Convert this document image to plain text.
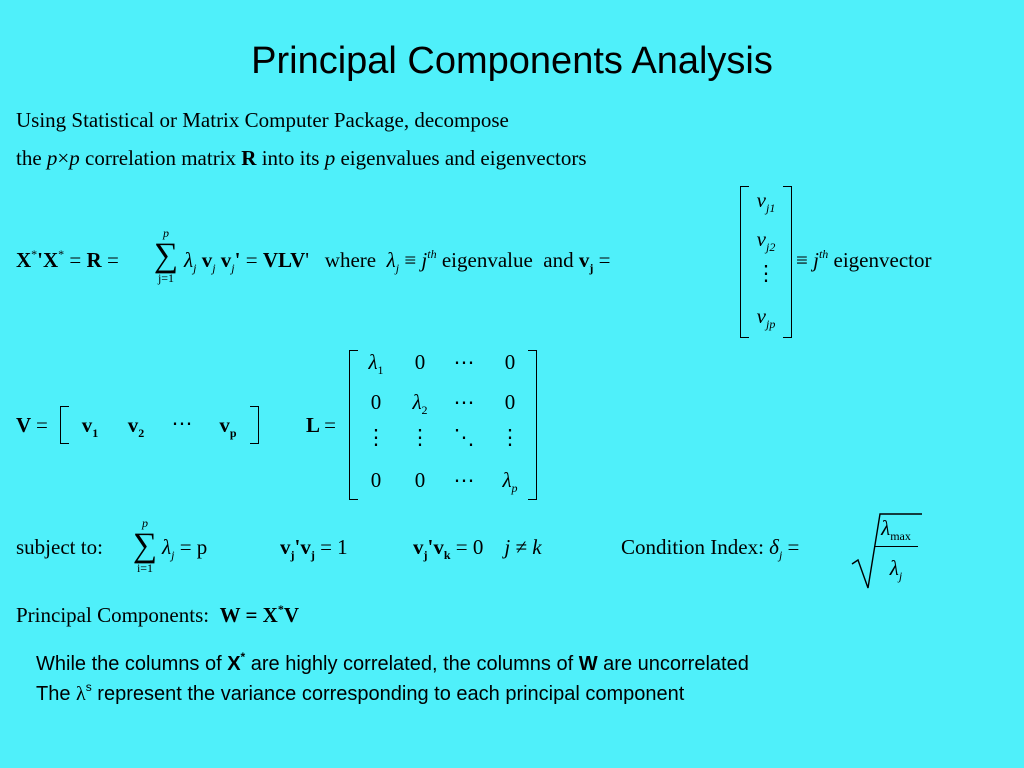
Principal Components Analysis
Using Statistical or Matrix Computer Package, decompose
the p×p correlation matrix R into its p eigenvalues and eigenvectors
X*'X* = R =
p
∑
j=1
$\lambda_j$ $v_j$ $v_j' = VLV'$ where $\lambda_j \equiv j^{th}$ eigenvalue and $v_j$ =
$v_{j1}$
$v_{j2}$
⋮
$v_{jp}$
≡ $j^{th}$ eigenvector
V =	$v_1$	$v_2$	⋯	$v_p$	L =
subject to:
p
∑
i=1
$\lambda_j = p$	$v_j'v_j = 1$	$v_j'v_k = 0$ j ≠ k	Condition Index: $\delta_j$ =
$\lambda_{max}$
$\lambda_j$
Principal Components: W = X*V
While the columns of X* are highly correlated, the columns of W are uncorrelated
The $\lambda^s$ represent the variance corresponding to each principal component
$\lambda_1$	0	⋯	0
0	$\lambda_2$	⋯	0
⋮	⋮	⋱	⋮
0	0	⋯	$\lambda_p$
